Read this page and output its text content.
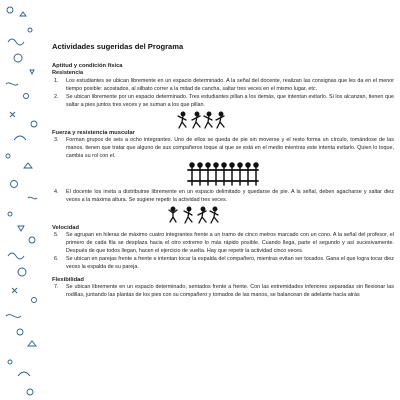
Actividades sugeridas del Programa
Aptitud y condición física
Resistencia
1.	Los estudiantes se ubican libremente en un espacio determinado. A la señal del docente, realizan las consignas que les da en el menor tiempo posible: acostados, al silbato correr a la mitad de cancha, saltar tres veces en el mismo lugar, etc.
2.	Se ubican libremente por un espacio determinado. Tres estudiantes pillan a los demás, que intentan evitarlo. Si los alcanzan, tienen que saltar a pies juntos tres veces y se suman a los que pillan.
Fuerza y resistencia muscular
3.	Forman grupos de seis a ocho integrantes. Uno de ellos se queda de pie sin moverse y el resto forma un círculo, tomándose de las manos. tienen que tratar que alguno de sus compañeros toque al que se está en el medio mientras este intenta evitarlo. Quien lo toque, cambia su rol con el.
4.	El docente los invita a distribuirse libremente en un espacio delimitado y quedarse de pie. A la señal, deben agacharse y saltar diez veces a la máxima altura. Se sugiere repetir la actividad tres veces.
Velocidad
5.	Se agrupan en hileras de máximo cuatro integrantes frente a un tramo de cinco metros marcado con un cono. A la señal del profesor, el primero de cada fila se desplaza hacia el otro extremo lo más rápido posible. Cuando llega, parte el segundo y así sucesivamente. Después de que todos llegan, hacen el ejercicio de vuelta. Hay que repetir la actividad cinco veces.
6.	Se ubican en parejas frente a frente e intentan tocar la espalda del compañero, mientras evitan ser tocados. Gana el que logra tocar diez veces la espalda de su pareja.
Flexibilidad
7.	Se ubican libremente en un espacio determinado, sentados frente a frente. Con las extremidades inferiores separadas sin flexionar las rodillas, juntando las plantas de los pies con su compañero y tomados de las manos, se balancean de adelante hacia atrás
